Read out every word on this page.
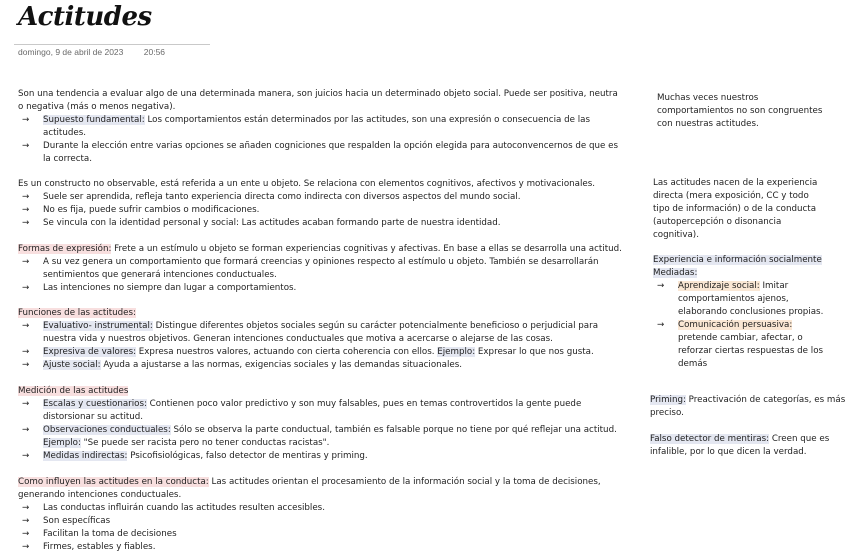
Actitudes
domingo, 9 de abril de 2023 20:56

Son una tendencia a evaluar algo de una determinada manera, son juicios hacia un determinado objeto social. Puede ser positiva, neutra

o negativa (más o menos negativa).

→ Supuesto fundamental: Los comportamientos están determinados por las actitudes, son una expresión o consecuencia de las

actitudes.

→ Durante la elección entre varias opciones se añaden cogniciones que respalden la opción elegida para autoconvencernos de que es

la correcta.

Es un constructo no observable, está referida a un ente u objeto. Se relaciona con elementos cognitivos, afectivos y motivacionales.

→ Suele ser aprendida, refleja tanto experiencia directa como indirecta con diversos aspectos del mundo social.

→ No es fija, puede sufrir cambios o modificaciones.

→ Se vincula con la identidad personal y social: Las actitudes acaban formando parte de nuestra identidad.

Formas de expresión: Frete a un estímulo u objeto se forman experiencias cognitivas y afectivas. En base a ellas se desarrolla una actitud.

→ A su vez genera un comportamiento que formará creencias y opiniones respecto al estímulo u objeto. También se desarrollarán

sentimientos que generará intenciones conductuales.

→ Las intenciones no siempre dan lugar a comportamientos.

Funciones de las actitudes:

→ Evaluativo- instrumental: Distingue diferentes objetos sociales según su carácter potencialmente beneficioso o perjudicial para

nuestra vida y nuestros objetivos. Generan intenciones conductuales que motiva a acercarse o alejarse de las cosas.

→ Expresiva de valores: Expresa nuestros valores, actuando con cierta coherencia con ellos. Ejemplo: Expresar lo que nos gusta.

→ Ajuste social: Ayuda a ajustarse a las normas, exigencias sociales y las demandas situacionales.

Medición de las actitudes

→ Escalas y cuestionarios: Contienen poco valor predictivo y son muy falsables, pues en temas controvertidos la gente puede

distorsionar su actitud.

→ Observaciones conductuales: Sólo se observa la parte conductual, también es falsable porque no tiene por qué reflejar una actitud.

Ejemplo: "Se puede ser racista pero no tener conductas racistas".

→ Medidas indirectas: Psicofisiológicas, falso detector de mentiras y priming.

Como influyen las actitudes en la conducta: Las actitudes orientan el procesamiento de la información social y la toma de decisiones,

generando intenciones conductuales.

→ Las conductas influirán cuando las actitudes resulten accesibles.

→ Son específicas

→ Facilitan la toma de decisiones

→ Firmes, estables y fiables.

Muchas veces nuestros

comportamientos no son congruentes

con nuestras actitudes.

Las actitudes nacen de la experiencia

directa (mera exposición, CC y todo

tipo de información) o de la conducta

(autopercepción o disonancia

cognitiva).

Experiencia e información socialmente

Mediadas:

→ Aprendizaje social: Imitar

comportamientos ajenos,

elaborando conclusiones propias.

→ Comunicación persuasiva:

pretende cambiar, afectar, o

reforzar ciertas respuestas de los

demás

Priming: Preactivación de categorías, es más

preciso.

Falso detector de mentiras: Creen que es

infalible, por lo que dicen la verdad.
